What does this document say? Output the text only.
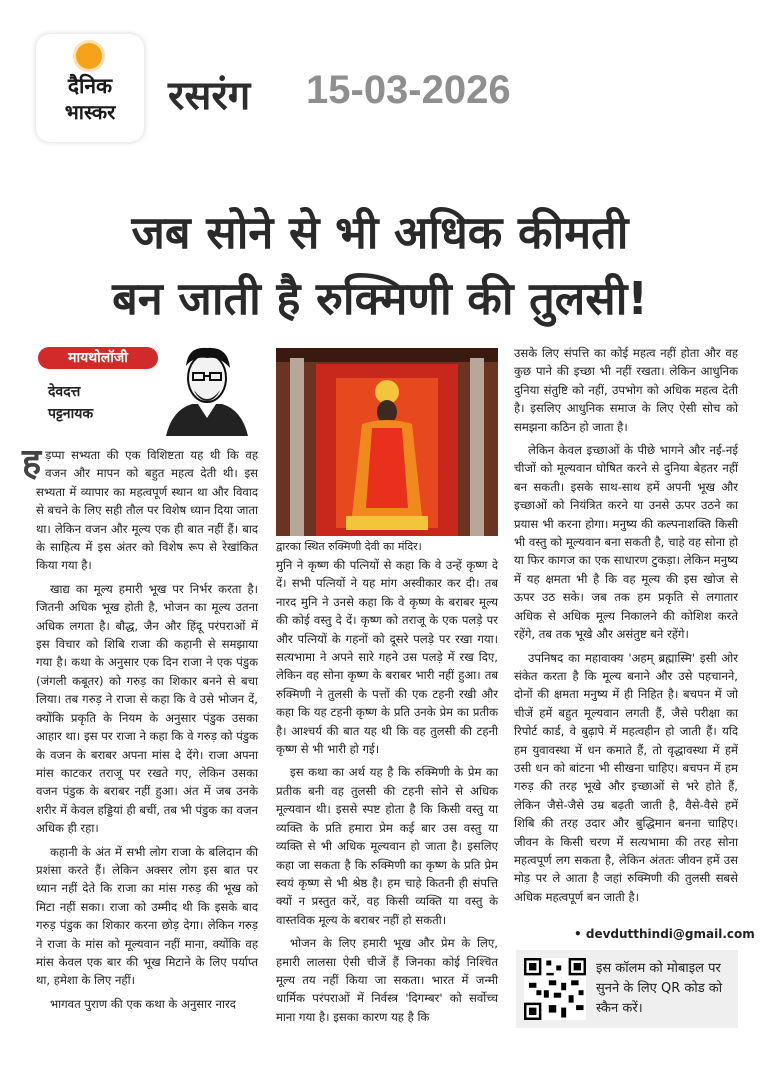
दैनिक
भास्कर	रसरंग 15-03-2026
जब सोने से भी अधिक कीमती
बन जाती है रुक्मिणी की तुलसी!
मायथोलॉजी
देवदत्त
पट्टनायक
ह ड़प्पा सभ्यता की एक विशिष्टता यह थी कि वह वजन और मापन को बहुत महत्व देती थी। इस सभ्यता में व्यापार का महत्वपूर्ण स्थान था और विवाद से बचने के लिए सही तौल पर विशेष ध्यान दिया जाता था। लेकिन वजन और मूल्य एक ही बात नहीं हैं। बाद के साहित्य में इस अंतर को विशेष रूप से रेखांकित किया गया है।

खाद्य का मूल्य हमारी भूख पर निर्भर करता है। जितनी अधिक भूख होती है, भोजन का मूल्य उतना अधिक लगता है। बौद्ध, जैन और हिंदू परंपराओं में इस विचार को शिबि राजा की कहानी से समझाया गया है। कथा के अनुसार एक दिन राजा ने एक पंडुक (जंगली कबूतर) को गरुड़ का शिकार बनने से बचा लिया। तब गरुड़ ने राजा से कहा कि वे उसे भोजन दें, क्योंकि प्रकृति के नियम के अनुसार पंडुक उसका आहार था। इस पर राजा ने कहा कि वे गरुड़ को पंडुक के वजन के बराबर अपना मांस दे देंगे। राजा अपना मांस काटकर तराजू पर रखते गए, लेकिन उसका वजन पंडुक के बराबर नहीं हुआ। अंत में जब उनके शरीर में केवल हड्डियां ही बचीं, तब भी पंडुक का वजन अधिक ही रहा।

कहानी के अंत में सभी लोग राजा के बलिदान की प्रशंसा करते हैं। लेकिन अक्सर लोग इस बात पर ध्यान नहीं देते कि राजा का मांस गरुड़ की भूख को मिटा नहीं सका। राजा को उम्मीद थी कि इसके बाद गरुड़ पंडुक का शिकार करना छोड़ देगा। लेकिन गरुड़ ने राजा के मांस को मूल्यवान नहीं माना, क्योंकि वह मांस केवल एक बार की भूख मिटाने के लिए पर्याप्त था, हमेशा के लिए नहीं।

भागवत पुराण की एक कथा के अनुसार नारद

द्वारका स्थित रुक्मिणी देवी का मंदिर।

मुनि ने कृष्ण की पत्नियों से कहा कि वे उन्हें कृष्ण दे दें। सभी पत्नियों ने यह मांग अस्वीकार कर दी। तब नारद मुनि ने उनसे कहा कि वे कृष्ण के बराबर मूल्य की कोई वस्तु दे दें। कृष्ण को तराजू के एक पलड़े पर और पत्नियों के गहनों को दूसरे पलड़े पर रखा गया। सत्यभामा ने अपने सारे गहने उस पलड़े में रख दिए, लेकिन वह सोना कृष्ण के बराबर भारी नहीं हुआ। तब रुक्मिणी ने तुलसी के पत्तों की एक टहनी रखी और कहा कि यह टहनी कृष्ण के प्रति उनके प्रेम का प्रतीक है। आश्चर्य की बात यह थी कि वह तुलसी की टहनी कृष्ण से भी भारी हो गई।

इस कथा का अर्थ यह है कि रुक्मिणी के प्रेम का प्रतीक बनी वह तुलसी की टहनी सोने से अधिक मूल्यवान थी। इससे स्पष्ट होता है कि किसी वस्तु या व्यक्ति के प्रति हमारा प्रेम कई बार उस वस्तु या व्यक्ति से भी अधिक मूल्यवान हो जाता है। इसलिए कहा जा सकता है कि रुक्मिणी का कृष्ण के प्रति प्रेम स्वयं कृष्ण से भी श्रेष्ठ है। हम चाहे कितनी ही संपत्ति क्यों न प्रस्तुत करें, वह किसी व्यक्ति या वस्तु के वास्तविक मूल्य के बराबर नहीं हो सकती।

भोजन के लिए हमारी भूख और प्रेम के लिए, हमारी लालसा ऐसी चीजें हैं जिनका कोई निश्चित मूल्य तय नहीं किया जा सकता। भारत में जन्मी धार्मिक परंपराओं में निर्वस्त्र 'दिगम्बर' को सर्वोच्च माना गया है। इसका कारण यह है कि

उसके लिए संपत्ति का कोई महत्व नहीं होता और वह कुछ पाने की इच्छा भी नहीं रखता। लेकिन आधुनिक दुनिया संतुष्टि को नहीं, उपभोग को अधिक महत्व देती है। इसलिए आधुनिक समाज के लिए ऐसी सोच को समझना कठिन हो जाता है।

लेकिन केवल इच्छाओं के पीछे भागने और नई-नई चीजों को मूल्यवान घोषित करने से दुनिया बेहतर नहीं बन सकती। इसके साथ-साथ हमें अपनी भूख और इच्छाओं को नियंत्रित करने या उनसे ऊपर उठने का प्रयास भी करना होगा। मनुष्य की कल्पनाशक्ति किसी भी वस्तु को मूल्यवान बना सकती है, चाहे वह सोना हो या फिर कागज का एक साधारण टुकड़ा। लेकिन मनुष्य में यह क्षमता भी है कि वह मूल्य की इस खोज से ऊपर उठ सके। जब तक हम प्रकृति से लगातार अधिक से अधिक मूल्य निकालने की कोशिश करते रहेंगे, तब तक भूखे और असंतुष्ट बने रहेंगे।

उपनिषद का महावाक्य 'अहम् ब्रह्मास्मि' इसी ओर संकेत करता है कि मूल्य बनाने और उसे पहचानने, दोनों की क्षमता मनुष्य में ही निहित है। बचपन में जो चीजें हमें बहुत मूल्यवान लगती हैं, जैसे परीक्षा का रिपोर्ट कार्ड, वे बुढ़ापे में महत्वहीन हो जाती हैं। यदि हम युवावस्था में धन कमाते हैं, तो वृद्धावस्था में हमें उसी धन को बांटना भी सीखना चाहिए। बचपन में हम गरुड़ की तरह भूखे और इच्छाओं से भरे होते हैं, लेकिन जैसे-जैसे उम्र बढ़ती जाती है, वैसे-वैसे हमें शिबि की तरह उदार और बुद्धिमान बनना चाहिए। जीवन के किसी चरण में सत्यभामा की तरह सोना महत्वपूर्ण लग सकता है, लेकिन अंततः जीवन हमें उस मोड़ पर ले आता है जहां रुक्मिणी की तुलसी सबसे अधिक महत्वपूर्ण बन जाती है।

• devdutthindi@gmail.com
इस कॉलम को मोबाइल पर
सुनने के लिए QR कोड को
स्कैन करें।
